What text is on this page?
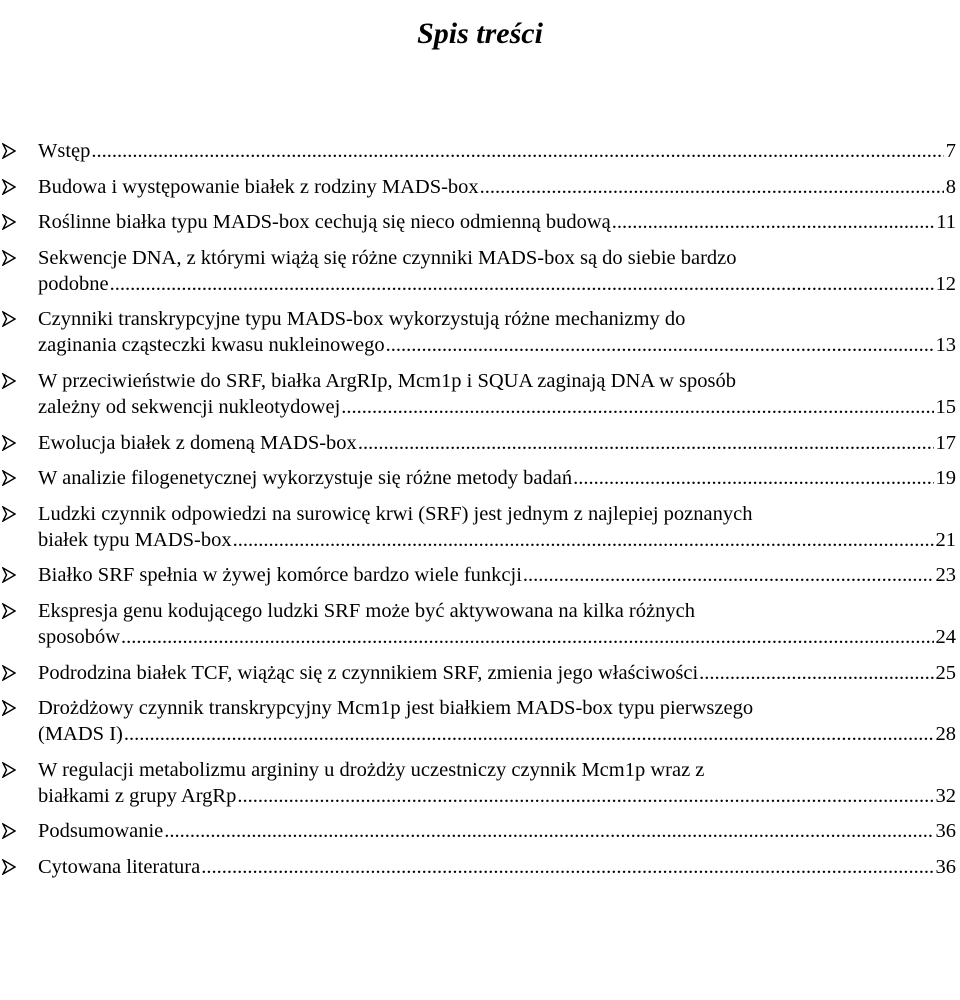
Spis treści
Wstęp .....	7
Budowa i występowanie białek z rodziny MADS-box .....	8
Roślinne białka typu MADS-box cechują się nieco odmienną budową .....	11
Sekwencje DNA, z którymi wiążą się różne czynniki MADS-box są do siebie bardzo
podobne .....	12
Czynniki transkrypcyjne typu MADS-box wykorzystują różne mechanizmy do
zaginania cząsteczki kwasu nukleinowego .....	13
W przeciwieństwie do SRF, białka ArgRIp, Mcm1p i SQUA zaginają DNA w sposób
zależny od sekwencji nukleotydowej .....	15
Ewolucja białek z domeną MADS-box .....	17
W analizie filogenetycznej wykorzystuje się różne metody badań .....	19
Ludzki czynnik odpowiedzi na surowicę krwi (SRF) jest jednym z najlepiej poznanych
białek typu MADS-box .....	21
Białko SRF spełnia w żywej komórce bardzo wiele funkcji .....	23
Ekspresja genu kodującego ludzki SRF może być aktywowana na kilka różnych
sposobów .....	24
Podrodzina białek TCF, wiążąc się z czynnikiem SRF, zmienia jego właściwości .....	25
Drożdżowy czynnik transkrypcyjny Mcm1p jest białkiem MADS-box typu pierwszego
(MADS I) .....	28
W regulacji metabolizmu argininy u drożdży uczestniczy czynnik Mcm1p wraz z
białkami z grupy ArgRp .....	32
Podsumowanie .....	36
Cytowana literatura .....	36
